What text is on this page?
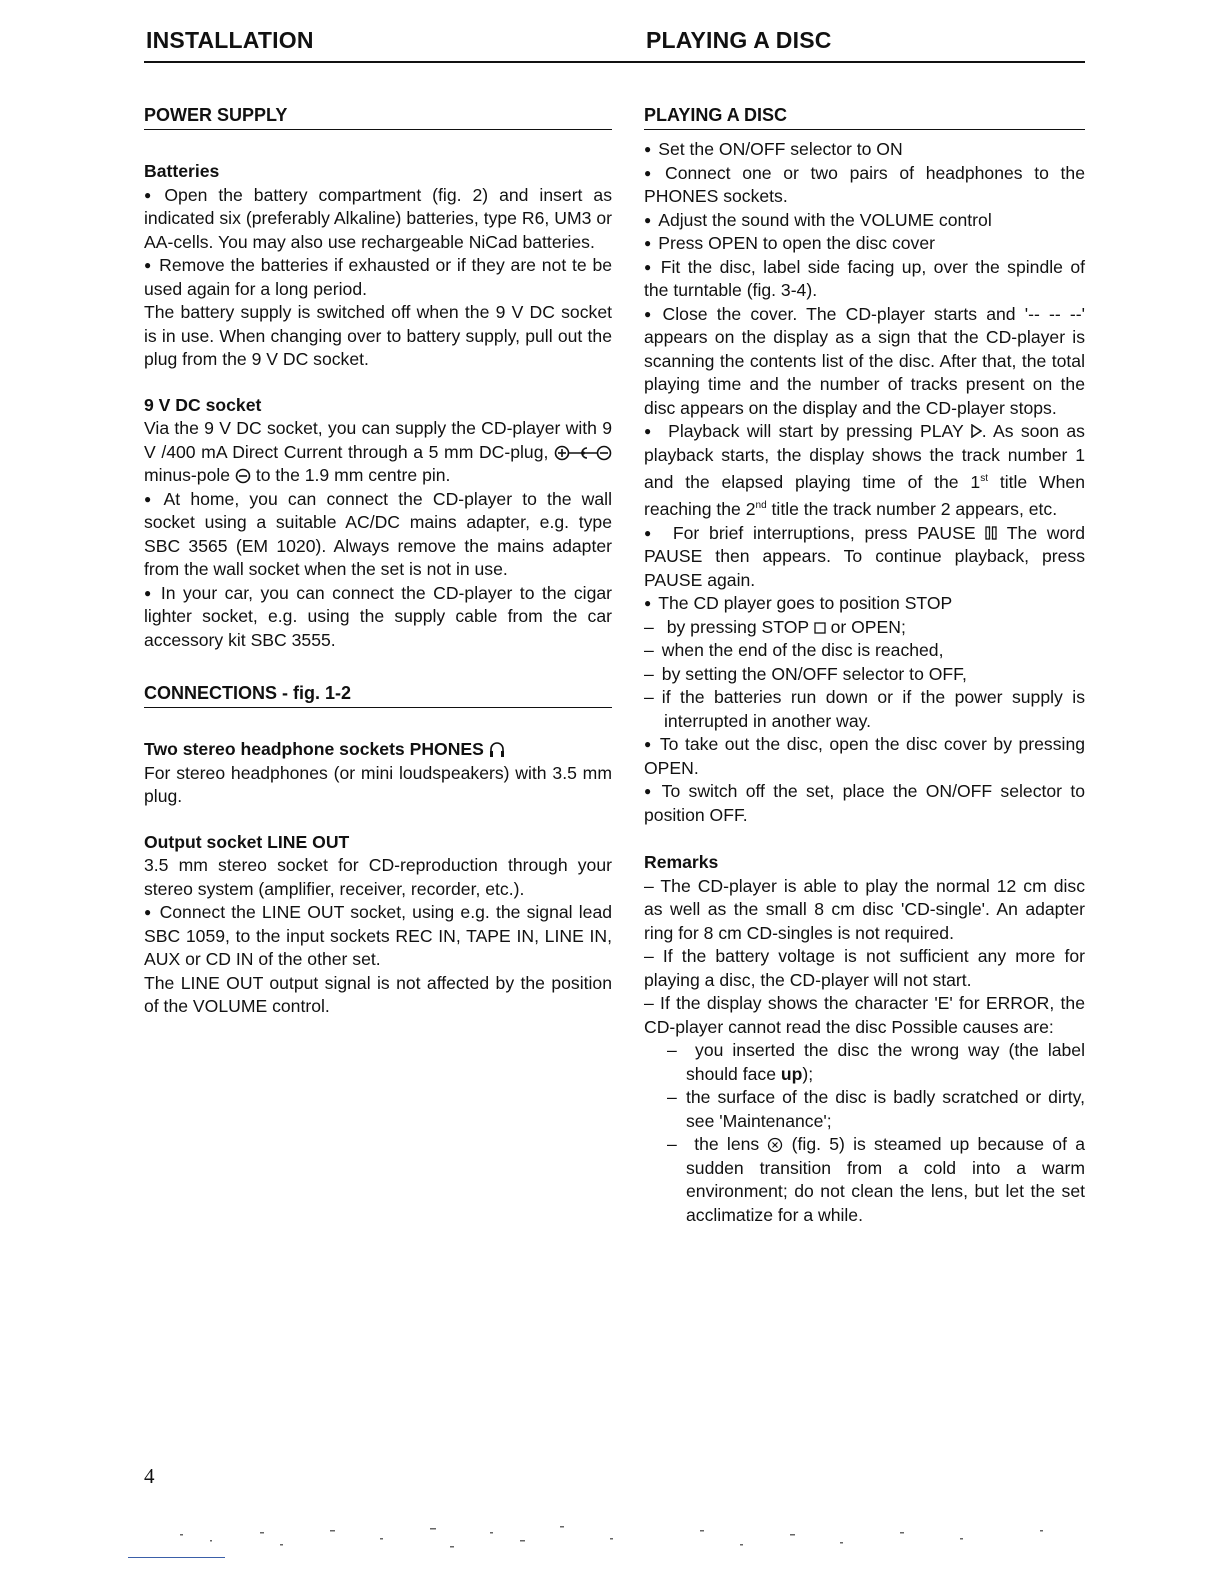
INSTALLATION	PLAYING A DISC
POWER SUPPLY
Batteries

● Open the battery compartment (fig. 2) and insert as indicated six (preferably Alkaline) batteries, type R6, UM3 or AA-cells. You may also use rechargeable NiCad batteries.

● Remove the batteries if exhausted or if they are not te be used again for a long period.

The battery supply is switched off when the 9 V DC socket is in use. When changing over to battery supply, pull out the plug from the 9 V DC socket.

9 V DC socket

Via the 9 V DC socket, you can supply the CD-player with 9 V /400 mA Direct Current through a 5 mm DC-plug,  minus-pole to the 1.9 mm centre pin.

● At home, you can connect the CD-player to the wall socket using a suitable AC/DC mains adapter, e.g. type SBC 3565 (EM 1020). Always remove the mains adapter from the wall socket when the set is not in use.

● In your car, you can connect the CD-player to the cigar lighter socket, e.g. using the supply cable from the car accessory kit SBC 3555.

CONNECTIONS - fig. 1-2
Two stereo headphone sockets PHONES

For stereo headphones (or mini loudspeakers) with 3.5 mm plug.

Output socket LINE OUT

3.5 mm stereo socket for CD-reproduction through your stereo system (amplifier, receiver, recorder, etc.).

● Connect the LINE OUT socket, using e.g. the signal lead SBC 1059, to the input sockets REC IN, TAPE IN, LINE IN, AUX or CD IN of the other set.

The LINE OUT output signal is not affected by the position of the VOLUME control.

PLAYING A DISC

● Set the ON/OFF selector to ON

● Connect one or two pairs of headphones to the PHONES sockets.

● Adjust the sound with the VOLUME control

● Press OPEN to open the disc cover

● Fit the disc, label side facing up, over the spindle of the turntable (fig. 3-4).

● Close the cover. The CD-player starts and '-- -- --' appears on the display as a sign that the CD-player is scanning the contents list of the disc. After that, the total playing time and the number of tracks present on the disc appears on the display and the CD-player stops.

● Playback will start by pressing PLAY . As soon as playback starts, the display shows the track number 1 and the elapsed playing time of the 1st title When reaching the 2nd title the track number 2 appears, etc.

● For brief interruptions, press PAUSE  The word PAUSE then appears. To continue playback, press PAUSE again.

● The CD player goes to position STOP

– by pressing STOP  or OPEN;

– when the end of the disc is reached,

– by setting the ON/OFF selector to OFF,

– if the batteries run down or if the power supply is interrupted in another way.

● To take out the disc, open the disc cover by pressing OPEN.

● To switch off the set, place the ON/OFF selector to position OFF.

Remarks

– The CD-player is able to play the normal 12 cm disc as well as the small 8 cm disc 'CD-single'. An adapter ring for 8 cm CD-singles is not required.

– If the battery voltage is not sufficient any more for playing a disc, the CD-player will not start.

– If the display shows the character 'E' for ERROR, the CD-player cannot read the disc Possible causes are:

– you inserted the disc the wrong way (the label should face up);

– the surface of the disc is badly scratched or dirty, see 'Maintenance';

– the lens  (fig. 5) is steamed up because of a sudden transition from a cold into a warm environment; do not clean the lens, but let the set acclimatize for a while.

4
